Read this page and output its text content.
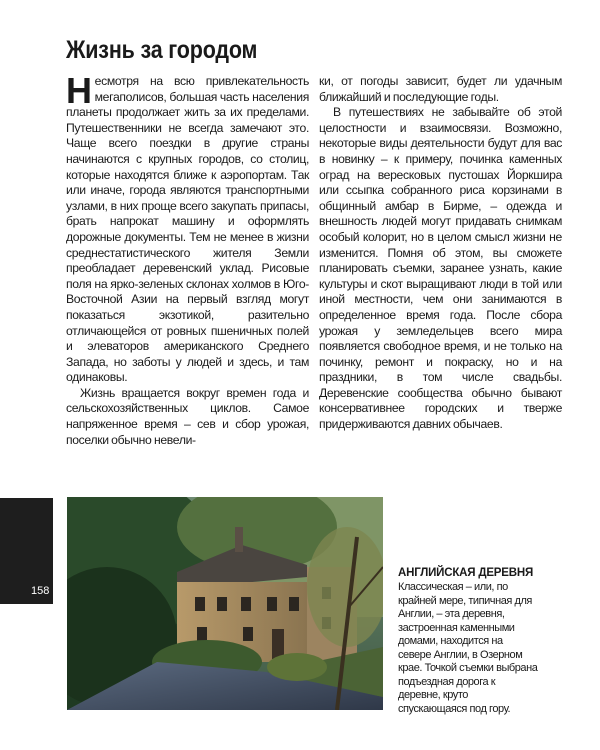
Жизнь за городом

Несмотря на всю привлекательность мегаполисов, большая часть населения планеты продолжает жить за их пределами. Путешественники не всегда замечают это. Чаще всего поездки в другие страны начинаются с крупных городов, со столиц, которые находятся ближе к аэропортам. Так или иначе, города являются транспортными узлами, в них проще всего закупать припасы, брать напрокат машину и оформлять дорожные документы. Тем не менее в жизни среднестатистического жителя Земли преобладает деревенский уклад. Рисовые поля на ярко-зеленых склонах холмов в Юго-Восточной Азии на первый взгляд могут показаться экзотикой, разительно отличающейся от ровных пшеничных полей и элеваторов американского Среднего Запада, но заботы у людей и здесь, и там одинаковы.

Жизнь вращается вокруг времен года и сельскохозяйственных циклов. Самое напряженное время – сев и сбор урожая, поселки обычно невели-

ки, от погоды зависит, будет ли удачным ближайший и последующие годы.

В путешествиях не забывайте об этой целостности и взаимосвязи. Возможно, некоторые виды деятельности будут для вас в новинку – к примеру, починка каменных оград на вересковых пустошах Йоркшира или ссыпка собранного риса корзинами в общинный амбар в Бирме, – одежда и внешность людей могут придавать снимкам особый колорит, но в целом смысл жизни не изменится. Помня об этом, вы сможете планировать съемки, заранее узнать, какие культуры и скот выращивают люди в той или иной местности, чем они занимаются в определенное время года. После сбора урожая у земледельцев всего мира появляется свободное время, и не только на починку, ремонт и покраску, но и на праздники, в том числе свадьбы. Деревенские сообщества обычно бывают консервативнее городских и тверже придерживаются давних обычаев.

158

АНГЛИЙСКАЯ ДЕРЕВНЯ

Классическая – или, по крайней мере, типичная для Англии, – эта деревня, застроенная каменными домами, находится на севере Англии, в Озерном крае. Точкой съемки выбрана подъездная дорога к деревне, круто спускающаяся под гору.
